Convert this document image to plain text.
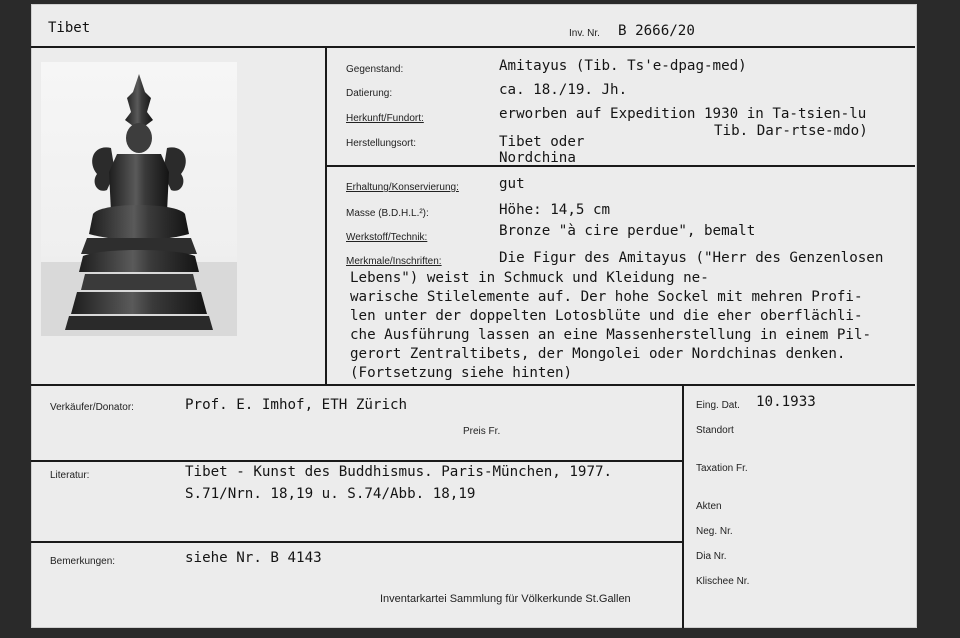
Tibet	Inv. Nr. B 2666/20
Gegenstand:	Amitayus (Tib. Ts'e-dpag-med)
Datierung:	ca. 18./19. Jh.
Herkunft/Fundort:	erworben auf Expedition 1930 in Ta-tsien-lu
Tib. Dar-rtse-mdo)
Herstellungsort:	Tibet oder
Nordchina
Erhaltung/Konservierung:	gut
Masse (B.D.H.L.²):	Höhe: 14,5 cm
Werkstoff/Technik:	Bronze "à cire perdue", bemalt
Merkmale/Inschriften:	Die Figur des Amitayus ("Herr des Genzenlosen
Lebens") weist in Schmuck und Kleidung ne-
warische Stilelemente auf. Der hohe Sockel mit mehren Profi-
len unter der doppelten Lotosblüte und die eher oberflächli-
che Ausführung lassen an eine Massenherstellung in einem Pil-
gerort Zentraltibets, der Mongolei oder Nordchinas denken.
(Fortsetzung siehe hinten)
Verkäufer/Donator:	Prof. E. Imhof, ETH Zürich
Preis Fr.
Literatur:	Tibet - Kunst des Buddhismus. Paris-München, 1977.
S.71/Nrn. 18,19 u. S.74/Abb. 18,19
Bemerkungen:	siehe Nr. B 4143
Inventarkartei Sammlung für Völkerkunde St.Gallen
Eing. Dat. 10.1933
Standort
Taxation Fr.
Akten
Neg. Nr.
Dia Nr.
Klischee Nr.
